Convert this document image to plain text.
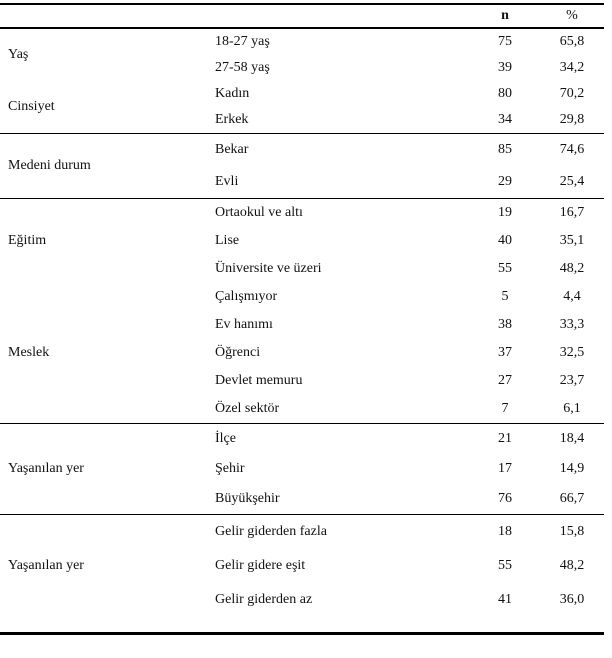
n	%
Yaş
18-27 yaş	75	65,8
27-58 yaş	39	34,2
Cinsiyet
Kadın	80	70,2
Erkek	34	29,8
Medeni durum
Bekar	85	74,6
Evli	29	25,4
Eğitim
Ortaokul ve altı	19	16,7
Lise	40	35,1
Üniversite ve üzeri	55	48,2
Meslek
Çalışmıyor	5	4,4
Ev hanımı	38	33,3
Öğrenci	37	32,5
Devlet memuru	27	23,7
Özel sektör	7	6,1
Yaşanılan yer
İlçe	21	18,4
Şehir	17	14,9
Büyükşehir	76	66,7
Yaşanılan yer
Gelir giderden fazla	18	15,8
Gelir gidere eşit	55	48,2
Gelir giderden az	41	36,0
